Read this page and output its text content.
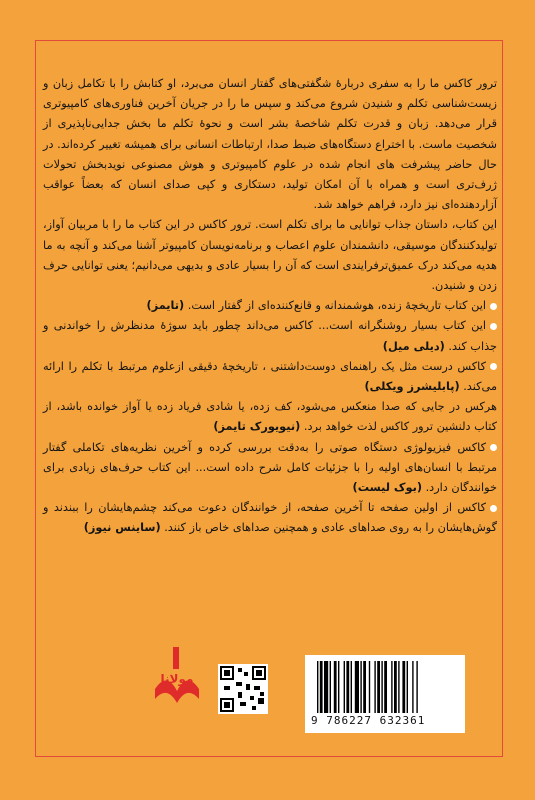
ترور کاکس ما را به سفری دربارهٔ شگفتی‌های گفتار انسان می‌برد، او کتابش را با تکامل زبان و زیست‌شناسی تکلم و شنیدن شروع می‌کند و سپس ما را در جریان آخرین فناوری‌های کامپیوتری قرار می‌دهد. زبان و قدرت تکلم شاخصهٔ بشر است و نحوهٔ تکلم ما بخش جدایی‌ناپذیری از شخصیت ماست. با اختراع دستگاه‌های ضبط صدا، ارتباطات انسانی برای همیشه تغییر کرده‌اند. در حال حاضر پیشرفت های انجام شده در علوم کامپیوتری و هوش مصنوعی نویدبخش تحولات ژرف‌تری است و همراه با آن امکان تولید، دستکاری و کپی صدای انسان که بعضاً عواقب آزاردهنده‌ای نیز دارد، فراهم خواهد شد.

این کتاب، داستان جذاب توانایی ما برای تکلم است. ترور کاکس در این کتاب ما را با مربیان آواز، تولیدکنندگان موسیقی، دانشمندان علوم اعصاب و برنامه‌نویسان کامپیوتر آشنا می‌کند و آنچه به ما هدیه می‌کند درک عمیق‌ترفرایندی است که آن را بسیار عادی و بدیهی می‌دانیم؛ یعنی توانایی حرف زدن و شنیدن.

این کتاب تاریخچهٔ زنده، هوشمندانه و قانع‌کننده‌ای از گفتار است. (تایمز)

این کتاب بسیار روشنگرانه است... کاکس می‌داند چطور باید سوژهٔ مدنظرش را خواندنی و جذاب کند. (دیلی میل)

کاکس درست مثل یک راهنمای دوست‌داشتنی ، تاریخچهٔ دقیقی ازعلوم مرتبط با تکلم را ارائه می‌کند. (پابلیشرز ویکلی)

هرکس در جایی که صدا منعکس می‌شود، کف زده، یا شادی فریاد زده یا آواز خوانده باشد، از کتاب دلنشین ترور کاکس لذت خواهد برد. (نیویورک تایمز)

کاکس فیزیولوژی دستگاه صوتی را به‌دقت بررسی کرده و آخرین نظریه‌های تکاملی گفتار مرتبط با انسان‌های اولیه را با جزئیات کامل شرح داده است... این کتاب حرف‌های زیادی برای خوانندگان دارد. (بوک لیست)

کاکس از اولین صفحه تا آخرین صفحه، از خوانندگان دعوت می‌کند چشم‌هایشان را ببندند و گوش‌هایشان را به روی صداهای عادی و همچنین صداهای خاص باز کنند. (ساینس نیوز)

مولانا
9 786227 632361
